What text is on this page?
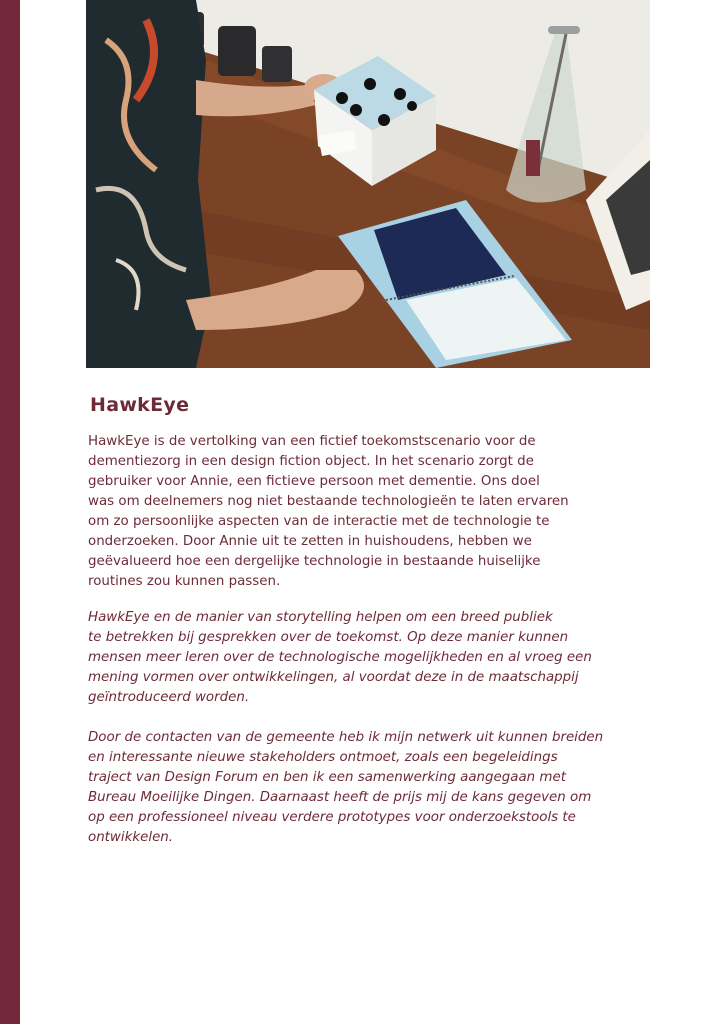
HawkEye
HawkEye is de vertolking van een fictief toekomstscenario voor de
dementiezorg in een design fiction object. In het scenario zorgt de
gebruiker voor Annie, een fictieve persoon met dementie. Ons doel
was om deelnemers nog niet bestaande technologieën te laten ervaren
om zo persoonlijke aspecten van de interactie met de technologie te
onderzoeken. Door Annie uit te zetten in huishoudens, hebben we
geëvalueerd hoe een dergelijke technologie in bestaande huiselijke
routines zou kunnen passen.
HawkEye en de manier van storytelling helpen om een breed publiek
te betrekken bij gesprekken over de toekomst. Op deze manier kunnen
mensen meer leren over de technologische mogelijkheden en al vroeg een
mening vormen over ontwikkelingen, al voordat deze in de maatschappij
geïntroduceerd worden.
Door de contacten van de gemeente heb ik mijn netwerk uit kunnen breiden
en interessante nieuwe stakeholders ontmoet, zoals een begeleidings
traject van Design Forum en ben ik een samenwerking aangegaan met
Bureau Moeilijke Dingen. Daarnaast heeft de prijs mij de kans gegeven om
op een professioneel niveau verdere prototypes voor onderzoekstools te
ontwikkelen.
